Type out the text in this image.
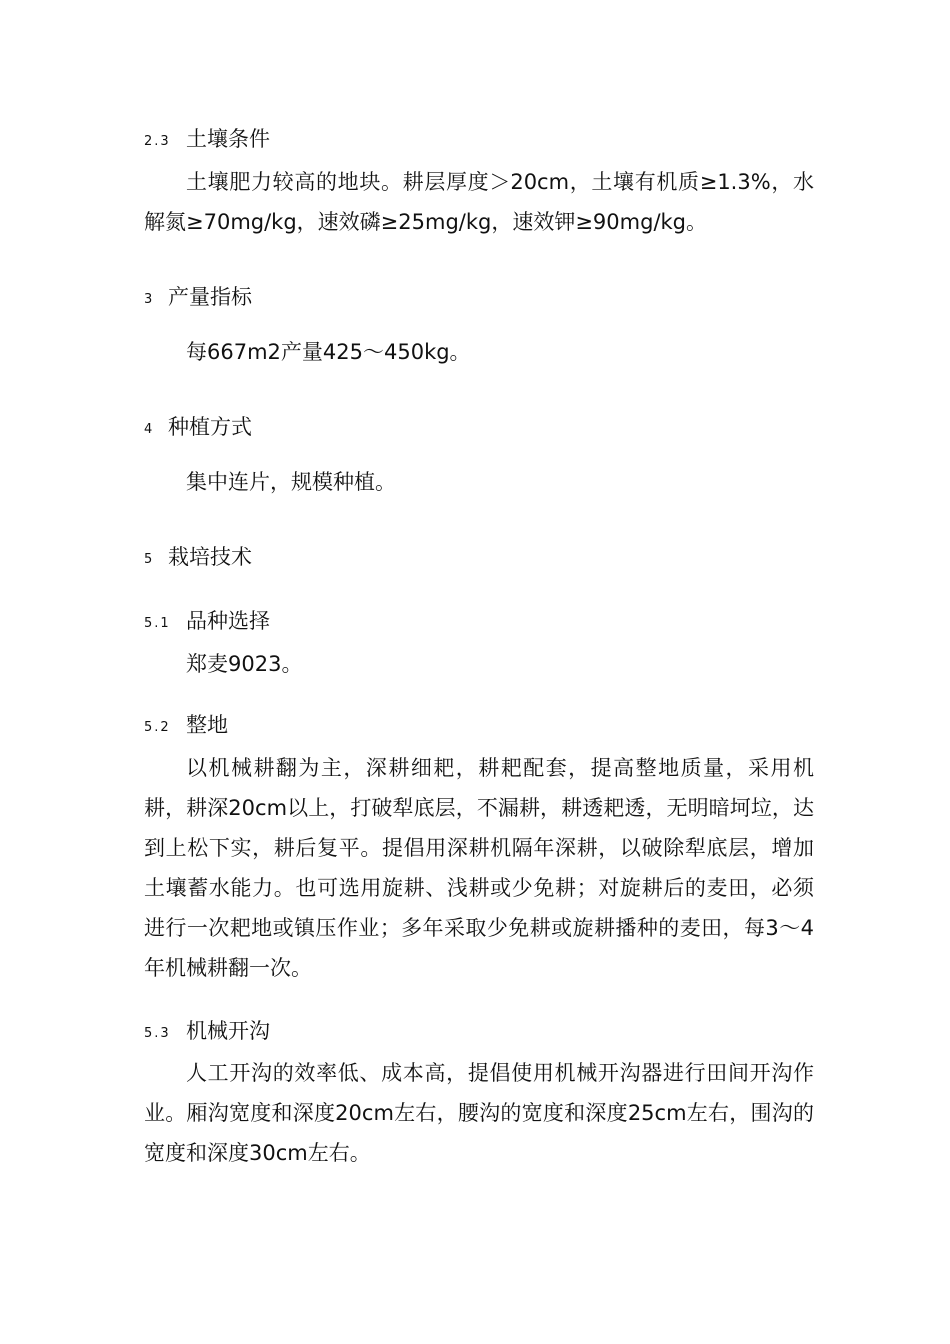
2.3 土壤条件

土壤肥力较高的地块。耕层厚度＞20cm，土壤有机质≥1.3%，水解氮≥70mg/kg，速效磷≥25mg/kg，速效钾≥90mg/kg。

3 产量指标

每667m2产量425～450kg。

4 种植方式

集中连片，规模种植。

5 栽培技术
5.1 品种选择

郑麦9023。

5.2 整地

以机械耕翻为主，深耕细耙，耕耙配套，提高整地质量，采用机耕，耕深20cm以上，打破犁底层，不漏耕，耕透耙透，无明暗坷垃，达到上松下实，耕后复平。提倡用深耕机隔年深耕，以破除犁底层，增加土壤蓄水能力。也可选用旋耕、浅耕或少免耕；对旋耕后的麦田，必须进行一次耙地或镇压作业；多年采取少免耕或旋耕播种的麦田，每3～4年机械耕翻一次。

5.3 机械开沟

人工开沟的效率低、成本高，提倡使用机械开沟器进行田间开沟作业。厢沟宽度和深度20cm左右，腰沟的宽度和深度25cm左右，围沟的宽度和深度30cm左右。
